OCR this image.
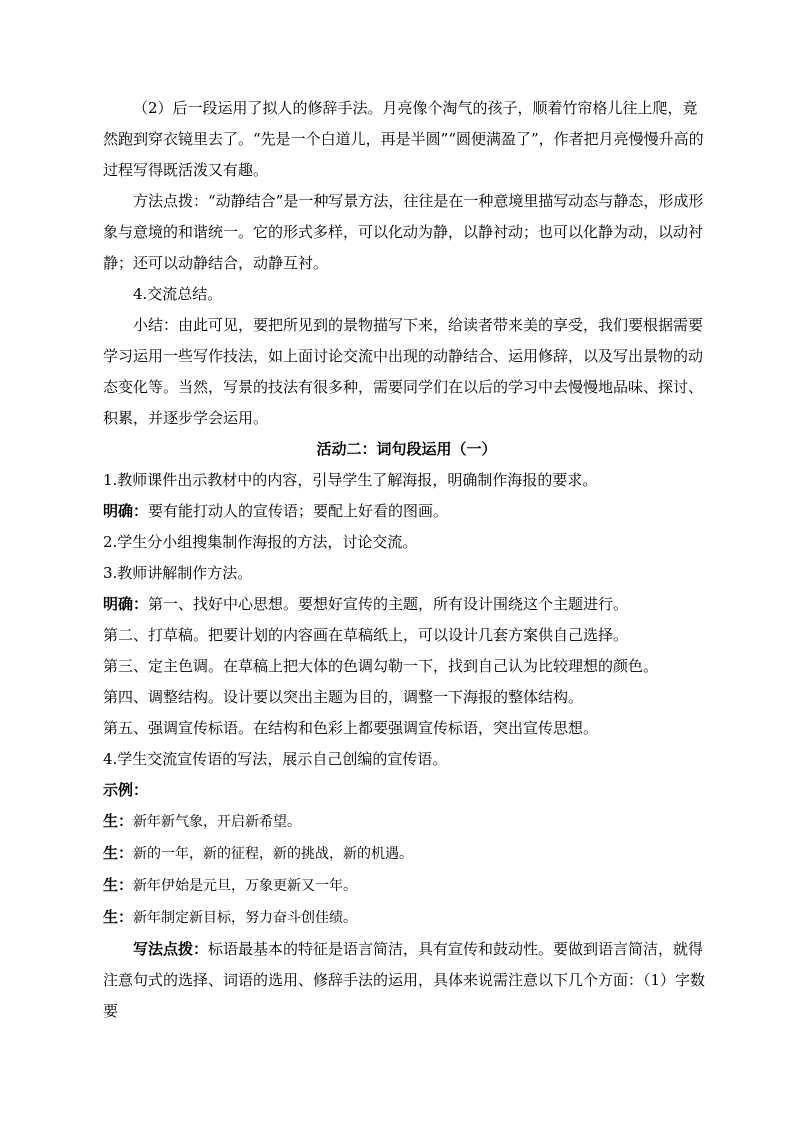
（2）后一段运用了拟人的修辞手法。月亮像个淘气的孩子，顺着竹帘格儿往上爬，竟然跑到穿衣镜里去了。“先是一个白道儿，再是半圆”“圆便满盈了”，作者把月亮慢慢升高的过程写得既活泼又有趣。

方法点拨：“动静结合”是一种写景方法，往往是在一种意境里描写动态与静态，形成形象与意境的和谐统一。它的形式多样，可以化动为静，以静衬动；也可以化静为动，以动衬静；还可以动静结合，动静互衬。

4.交流总结。

小结：由此可见，要把所见到的景物描写下来，给读者带来美的享受，我们要根据需要学习运用一些写作技法，如上面讨论交流中出现的动静结合、运用修辞，以及写出景物的动态变化等。当然，写景的技法有很多种，需要同学们在以后的学习中去慢慢地品味、探讨、积累，并逐步学会运用。

活动二：词句段运用（一）

1.教师课件出示教材中的内容，引导学生了解海报，明确制作海报的要求。

明确：要有能打动人的宣传语；要配上好看的图画。

2.学生分小组搜集制作海报的方法，讨论交流。

3.教师讲解制作方法。

明确：第一、找好中心思想。要想好宣传的主题，所有设计围绕这个主题进行。

第二、打草稿。把要计划的内容画在草稿纸上，可以设计几套方案供自己选择。

第三、定主色调。在草稿上把大体的色调勾勒一下，找到自己认为比较理想的颜色。

第四、调整结构。设计要以突出主题为目的，调整一下海报的整体结构。

第五、强调宣传标语。在结构和色彩上都要强调宣传标语，突出宣传思想。

4.学生交流宣传语的写法，展示自己创编的宣传语。

示例：

生：新年新气象，开启新希望。

生：新的一年，新的征程，新的挑战，新的机遇。

生：新年伊始是元旦，万象更新又一年。

生：新年制定新目标，努力奋斗创佳绩。

写法点拨：标语最基本的特征是语言简洁，具有宣传和鼓动性。要做到语言简洁，就得注意句式的选择、词语的选用、修辞手法的运用，具体来说需注意以下几个方面：（1）字数要
